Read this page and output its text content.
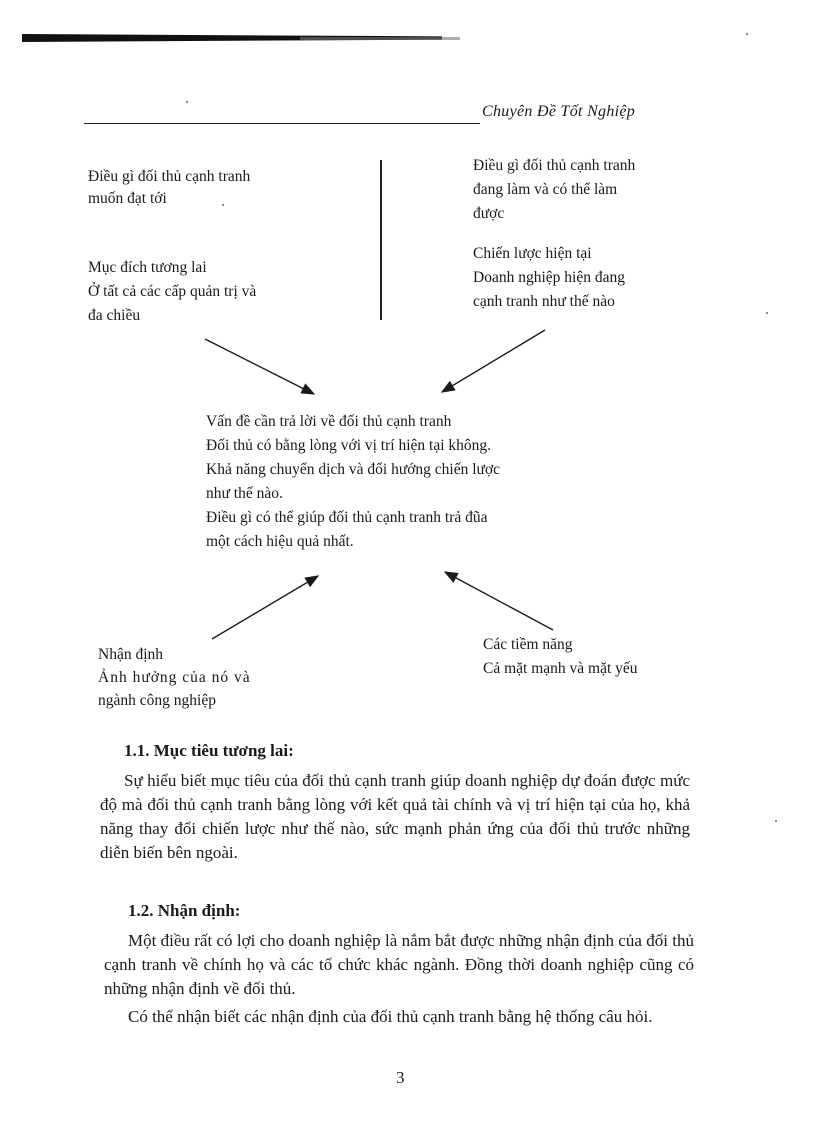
Chuyên Đề Tốt Nghiệp
Điều gì đối thủ cạnh tranh
muốn đạt tới
Mục đích tương lai
Ở tất cả các cấp quản trị và
đa chiều
Điều gì đối thủ cạnh tranh
đang làm và có thể làm
được
Chiến lược hiện tại
Doanh nghiệp hiện đang
cạnh tranh như thế nào
Vấn đề cần trả lời về đối thủ cạnh tranh
Đối thủ có bằng lòng với vị trí hiện tại không.
Khả năng chuyển dịch và đổi hướng chiến lược
như thế nào.
Điều gì có thể giúp đối thủ cạnh tranh trả đũa
một cách hiệu quả nhất.
Nhận định
Ảnh hưởng của nó và
ngành công nghiệp
Các tiềm năng
Cả mặt mạnh và mặt yếu
1.1. Mục tiêu tương lai:

Sự hiểu biết mục tiêu của đối thủ cạnh tranh giúp doanh nghiệp dự đoán được mức độ mà đối thủ cạnh tranh bằng lòng với kết quả tài chính và vị trí hiện tại của họ, khả năng thay đổi chiến lược như thế nào, sức mạnh phản ứng của đối thủ trước những diễn biến bên ngoài.

1.2. Nhận định:

Một điều rất có lợi cho doanh nghiệp là nắm bắt được những nhận định của đối thủ cạnh tranh về chính họ và các tổ chức khác ngành. Đồng thời doanh nghiệp cũng có những nhận định về đối thủ.

Có thể nhận biết các nhận định của đối thủ cạnh tranh bằng hệ thống câu hỏi.

3
